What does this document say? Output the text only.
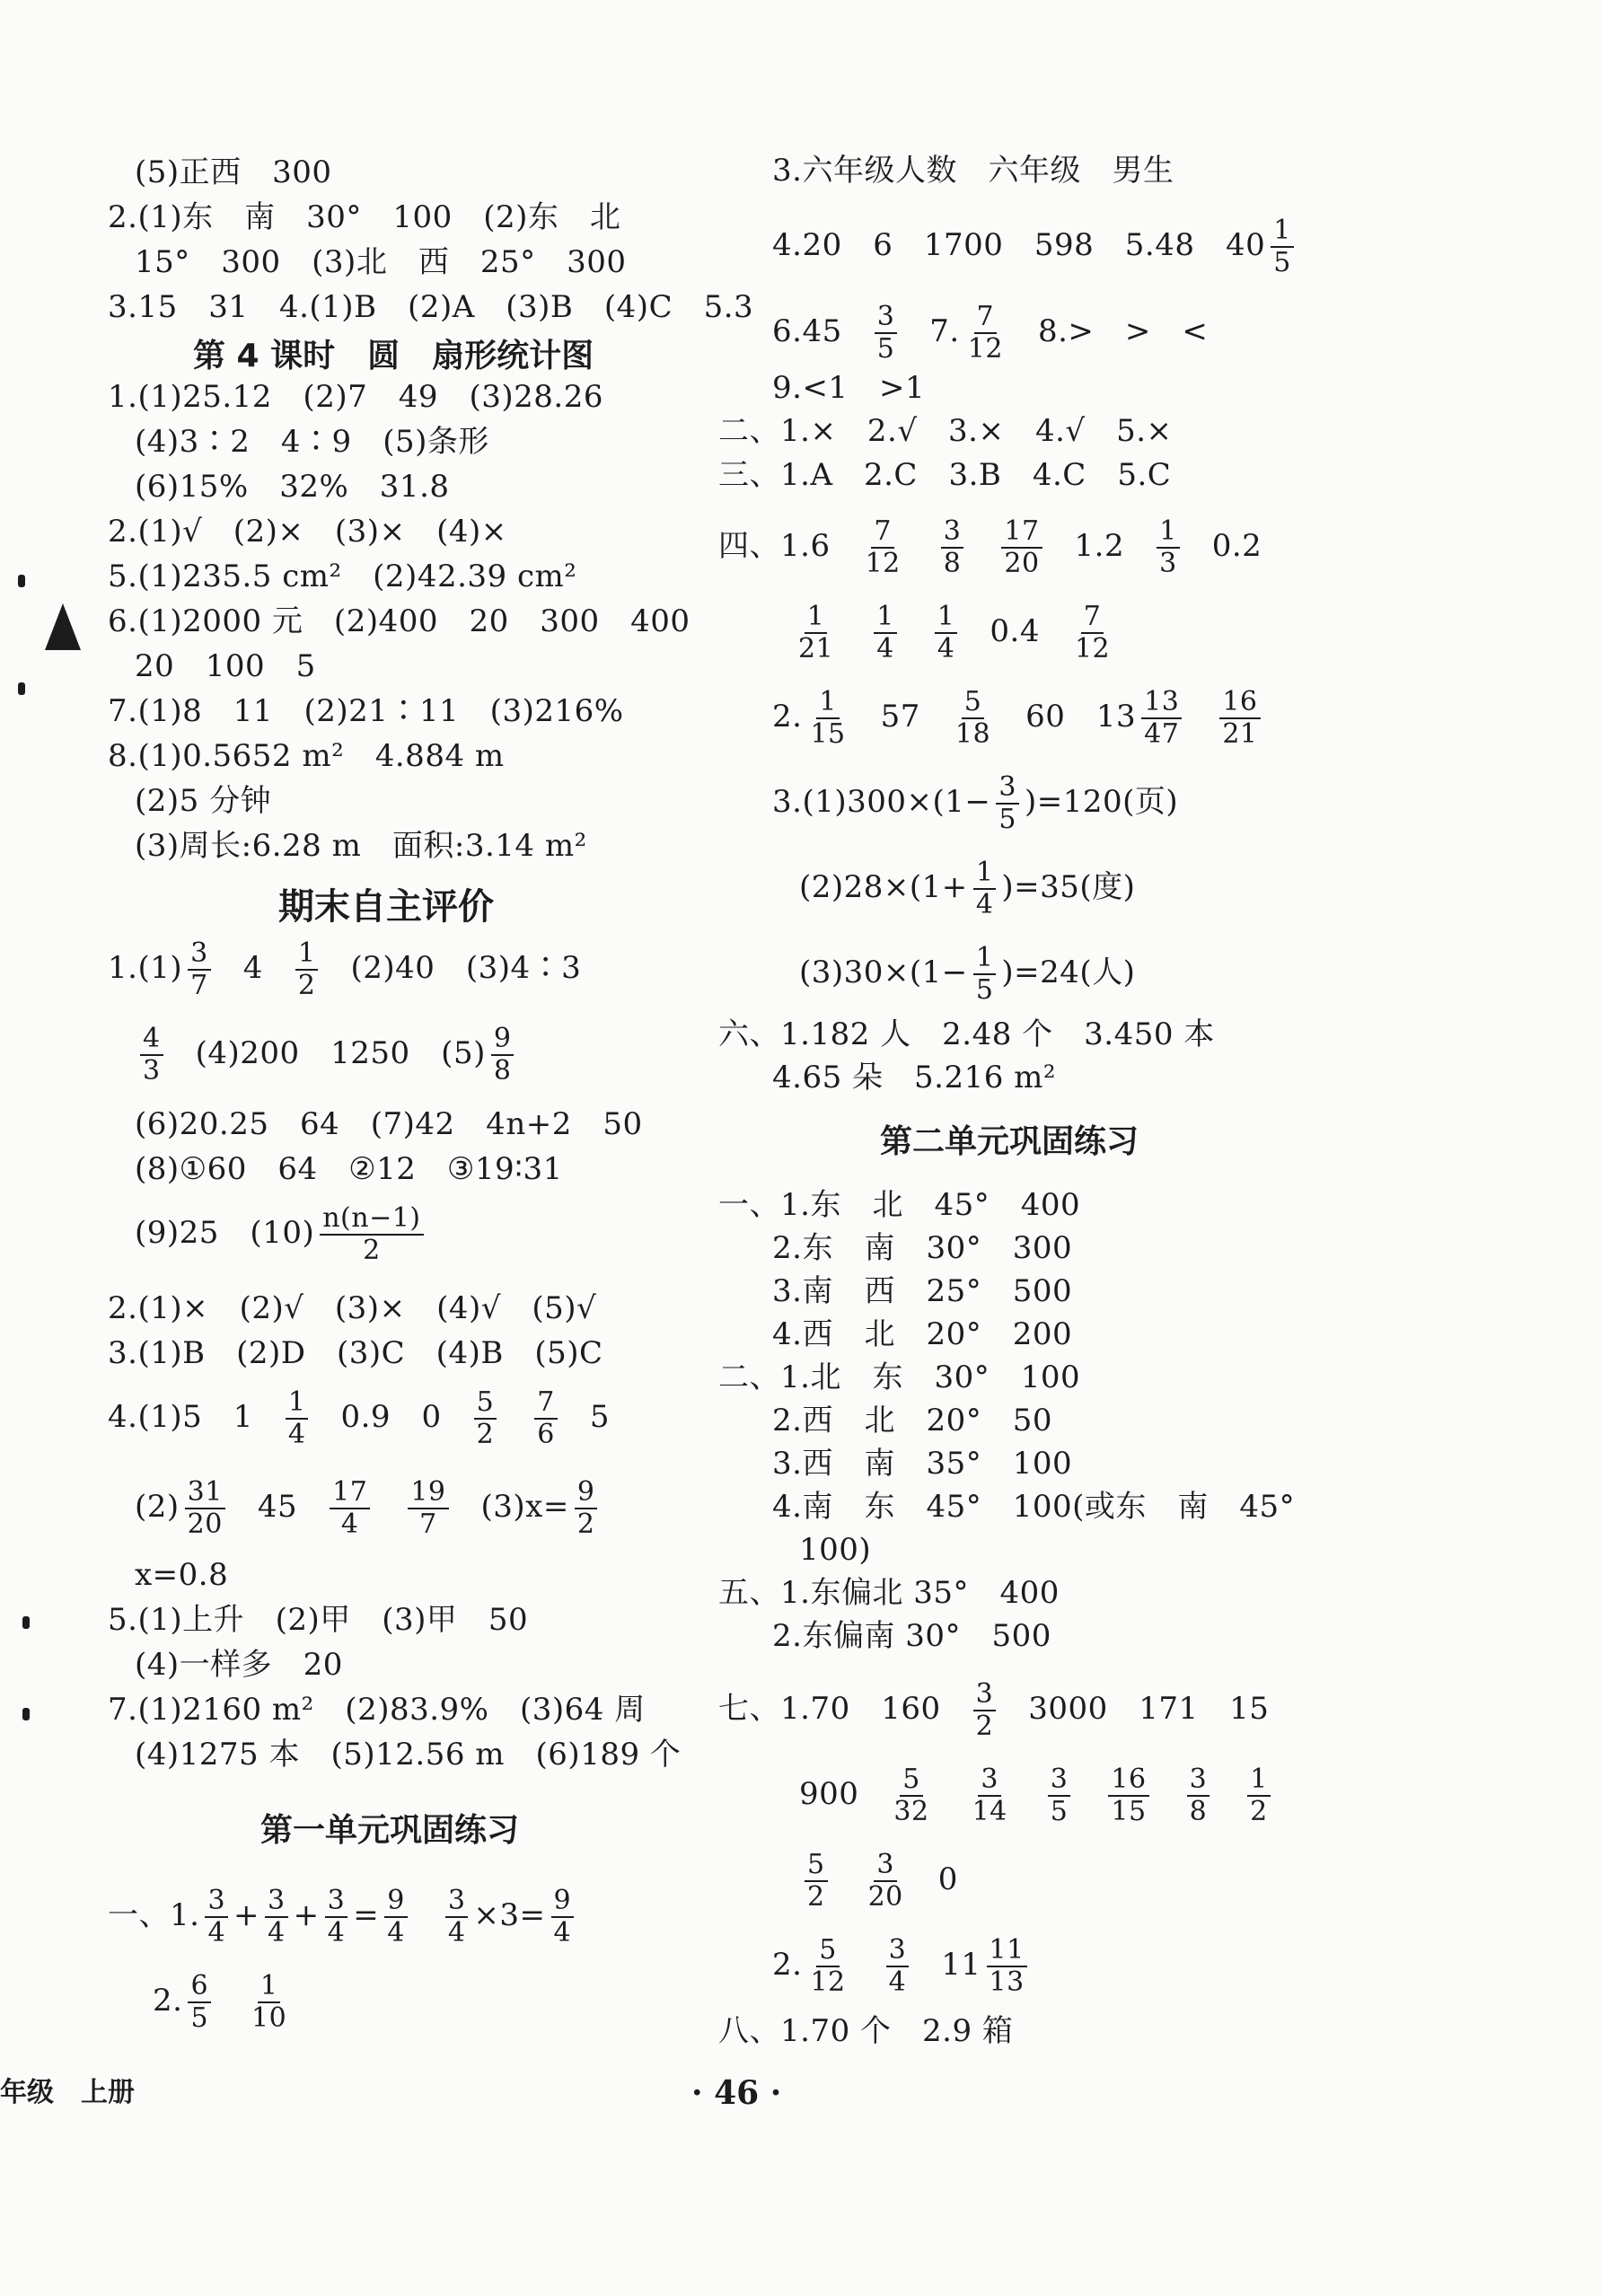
(5)正西　300
2.(1)东　南　30°　100　(2)东　北
15°　300　(3)北　西　25°　300
3.15　31　4.(1)B　(2)A　(3)B　(4)C　5.3
第 4 课时　圆　扇形统计图
1.(1)25.12　(2)7　49　(3)28.26
(4)3∶2　4∶9　(5)条形
(6)15%　32%　31.8
2.(1)√　(2)×　(3)×　(4)×
5.(1)235.5 cm²　(2)42.39 cm²
6.(1)2000 元　(2)400　20　300　400
20　100　5
7.(1)8　11　(2)21∶11　(3)216%
8.(1)0.5652 m²　4.884 m
(2)5 分钟
(3)周长:6.28 m　面积:3.14 m²
期末自主评价
$1.(1) \frac{3}{7} 4 \frac{1}{2} (2)40$　(3)4∶3
$\frac{4}{3} (4)200$　1250　$(5) \frac{9}{8}$
(6)20.25　64　(7)42　4n+2　50
(8)①60　64　②12　③19∶31
(9)25　$(10) \frac{n(n-1)}{2}$
2.(1)×　(2)√　(3)×　(4)√　(5)√
3.(1)B　(2)D　(3)C　(4)B　(5)C
4.(1)5　$1 \frac{1}{4} 0.9$　$0 \frac{5}{2} \frac{7}{6} 5$
$(2) \frac{31}{20} 45 \frac{17}{4} \frac{19}{7} (3)x= \frac{9}{2}$
x=0.8
5.(1)上升　(2)甲　(3)甲　50
(4)一样多　20
7.(1)2160 m²　(2)83.9%　(3)64 周
(4)1275 本　(5)12.56 m　(6)189 个
第一单元巩固练习
一、1. $\frac{3}{4} + \frac{3}{4} + \frac{3}{4} = \frac{9}{4} \frac{3}{4} \times 3= \frac{9}{4}$
2. $\frac{6}{5} \frac{1}{10}$
3.六年级人数　六年级　男生
4.20　6　1700　598　5.48　$40 \frac{1}{5}$
$6.45 \frac{3}{5} 7$. $\frac{7}{12} 8.>$　>　<
9.<1　>1
二、1.×　2.√　3.×　4.√　5.×
三、1.A　2.C　3.B　4.C　5.C
四、$1.6 \frac{7}{12} \frac{3}{8} \frac{17}{20} 1.2 \frac{1}{3} 0.2$
$\frac{1}{21} \frac{1}{4} \frac{1}{4} 0.4 \frac{7}{12}$
2. $\frac{1}{15} 57 \frac{5}{18} 60$　$13 \frac{13}{47} \frac{16}{21}$
$3.(1)300\times(1- \frac{3}{5} )=120$(页)
$(2)28\times(1+ \frac{1}{4} )=35$(度)
$(3)30\times(1- \frac{1}{5} )=24$(人)
六、1.182 人　2.48 个　3.450 本
4.65 朵　5.216 m²
第二单元巩固练习
一、1.东　北　45°　400
2.东　南　30°　300
3.南　西　25°　500
4.西　北　20°　200
二、1.北　东　30°　100
2.西　北　20°　50
3.西　南　35°　100
4.南　东　45°　100(或东　南　45°
100)
五、1.东偏北 35°　400
2.东偏南 30°　500
七、1.70　$160 \frac{3}{2} 3000$　171　15
$900 \frac{5}{32} \frac{3}{14} \frac{3}{5} \frac{16}{15} \frac{3}{8} \frac{1}{2}$
$\frac{5}{2} \frac{3}{20} 0$
2. $\frac{5}{12} \frac{3}{4} 11 \frac{11}{13}$
八、1.70 个　2.9 箱
年级　上册	· 46 ·
